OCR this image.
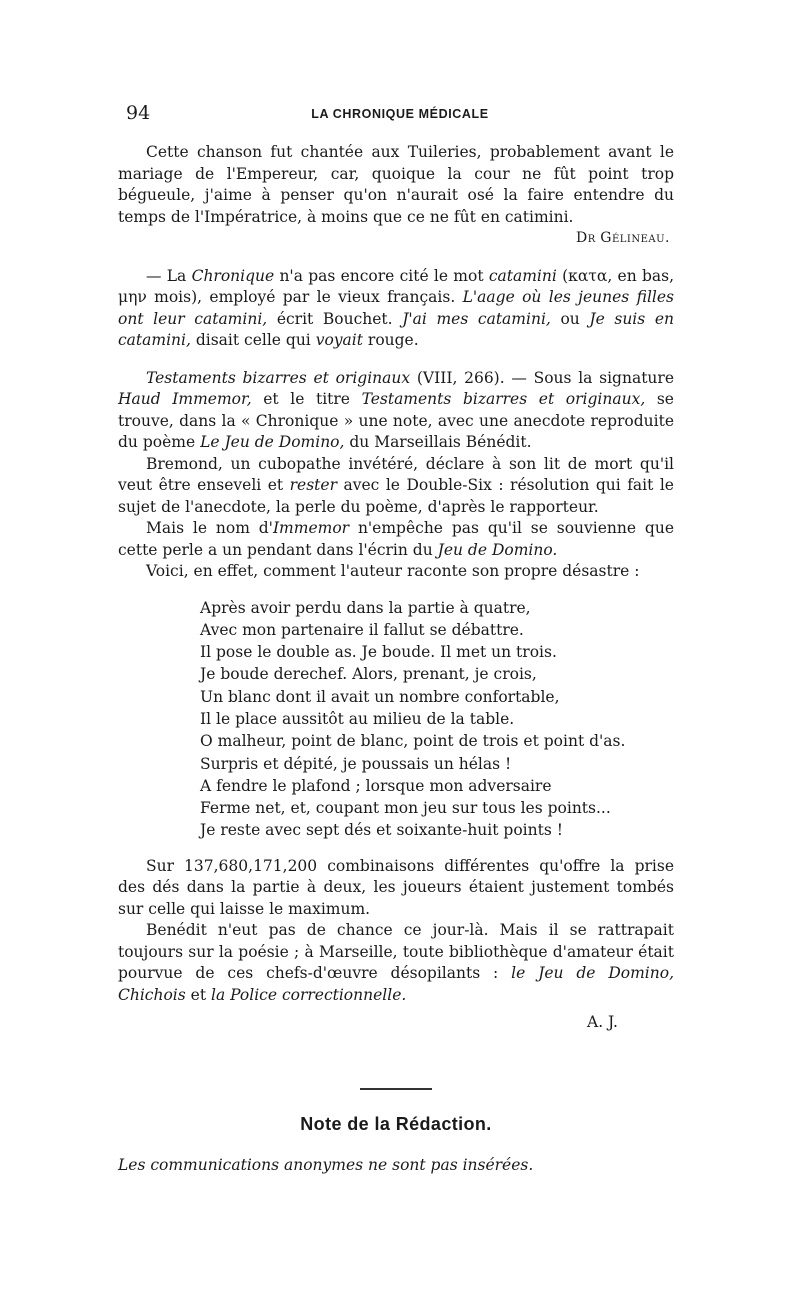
94	LA CHRONIQUE MÉDICALE

Cette chanson fut chantée aux Tuileries, probablement avant le mariage de l'Empereur, car, quoique la cour ne fût point trop bégueule, j'aime à penser qu'on n'aurait osé la faire entendre du temps de l'Impératrice, à moins que ce ne fût en catimini.

Dr Gélineau.

— La Chronique n'a pas encore cité le mot catamini (κατα, en bas, μην mois), employé par le vieux français. L'aage où les jeunes filles ont leur catamini, écrit Bouchet. J'ai mes catamini, ou Je suis en catamini, disait celle qui voyait rouge.

Testaments bizarres et originaux (VIII, 266). — Sous la signature Haud Immemor, et le titre Testaments bizarres et originaux, se trouve, dans la « Chronique » une note, avec une anecdote reproduite du poème Le Jeu de Domino, du Marseillais Bénédit.

Bremond, un cubopathe invétéré, déclare à son lit de mort qu'il veut être enseveli et rester avec le Double-Six : résolution qui fait le sujet de l'anecdote, la perle du poème, d'après le rapporteur.

Mais le nom d'Immemor n'empêche pas qu'il se souvienne que cette perle a un pendant dans l'écrin du Jeu de Domino.

Voici, en effet, comment l'auteur raconte son propre désastre :

Après avoir perdu dans la partie à quatre,
Avec mon partenaire il fallut se débattre.
Il pose le double as. Je boude. Il met un trois.
Je boude derechef. Alors, prenant, je crois,
Un blanc dont il avait un nombre confortable,
Il le place aussitôt au milieu de la table.
O malheur, point de blanc, point de trois et point d'as.
Surpris et dépité, je poussais un hélas !
A fendre le plafond ; lorsque mon adversaire
Ferme net, et, coupant mon jeu sur tous les points...
Je reste avec sept dés et soixante-huit points !

Sur 137,680,171,200 combinaisons différentes qu'offre la prise des dés dans la partie à deux, les joueurs étaient justement tombés sur celle qui laisse le maximum.

Benédit n'eut pas de chance ce jour-là. Mais il se rattrapait toujours sur la poésie ; à Marseille, toute bibliothèque d'amateur était pourvue de ces chefs-d'œuvre désopilants : le Jeu de Domino, Chichois et la Police correctionnelle.

A. J.
Note de la Rédaction.
Les communications anonymes ne sont pas insérées.
